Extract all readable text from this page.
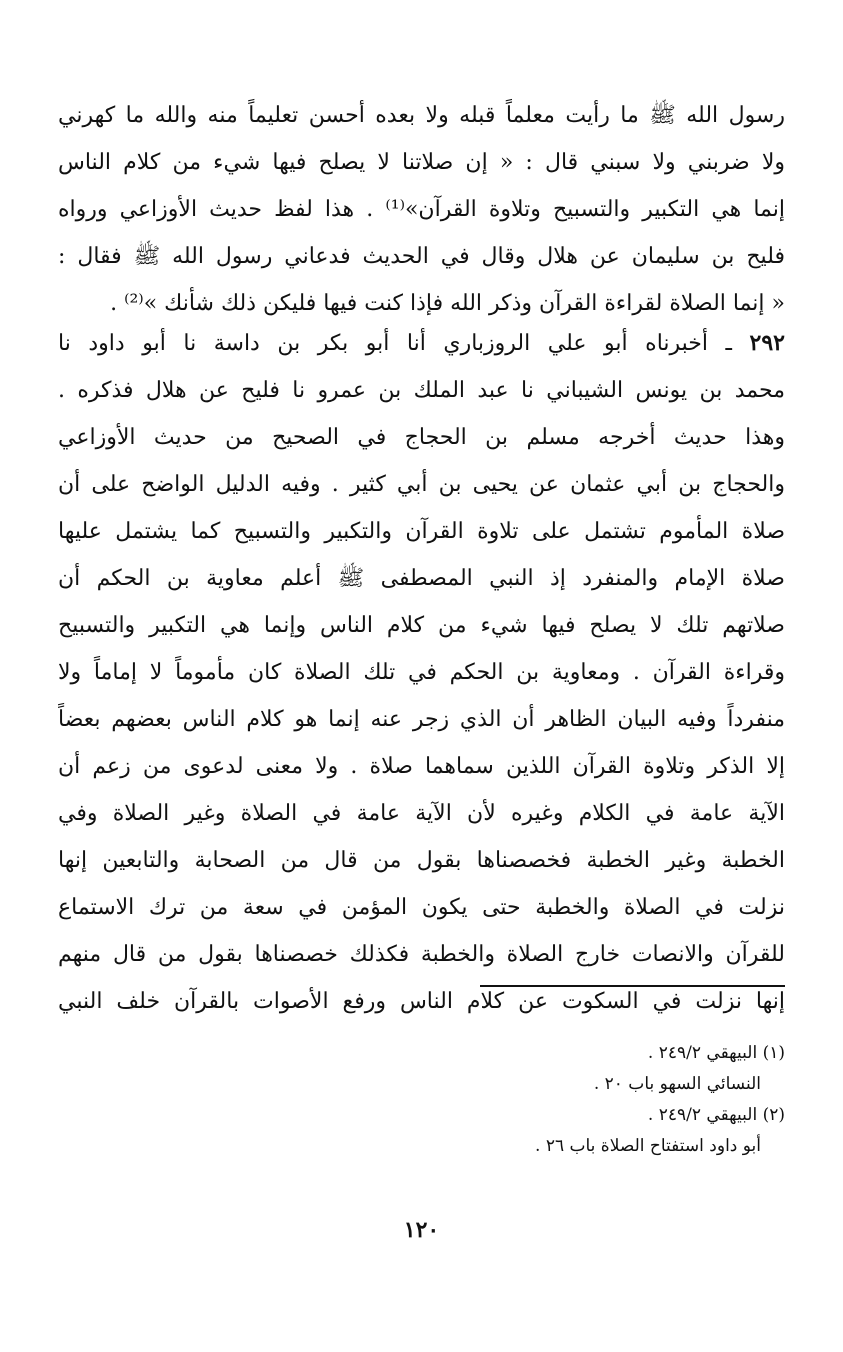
رسول الله ﷺ ما رأيت معلماً قبله ولا بعده أحسن تعليماً منه والله ما كهرني
ولا ضربني ولا سبني قال : « إن صلاتنا لا يصلح فيها شيء من كلام الناس
إنما هي التكبير والتسبيح وتلاوة القرآن»⁽¹⁾ . هذا لفظ حديث الأوزاعي ورواه
فليح بن سليمان عن هلال وقال في الحديث فدعاني رسول الله ﷺ فقال :
« إنما الصلاة لقراءة القرآن وذكر الله فإذا كنت فيها فليكن ذلك شأنك »⁽²⁾ .
٢٩٢ ـ أخبرناه أبو علي الروزباري أنا أبو بكر بن داسة نا أبو داود نا
محمد بن يونس الشيباني نا عبد الملك بن عمرو نا فليح عن هلال فذكره .
وهذا حديث أخرجه مسلم بن الحجاج في الصحيح من حديث الأوزاعي
والحجاج بن أبي عثمان عن يحيى بن أبي كثير . وفيه الدليل الواضح على أن
صلاة المأموم تشتمل على تلاوة القرآن والتكبير والتسبيح كما يشتمل عليها
صلاة الإمام والمنفرد إذ النبي المصطفى ﷺ أعلم معاوية بن الحكم أن
صلاتهم تلك لا يصلح فيها شيء من كلام الناس وإنما هي التكبير والتسبيح
وقراءة القرآن . ومعاوية بن الحكم في تلك الصلاة كان مأموماً لا إماماً ولا
منفرداً وفيه البيان الظاهر أن الذي زجر عنه إنما هو كلام الناس بعضهم بعضاً
إلا الذكر وتلاوة القرآن اللذين سماهما صلاة . ولا معنى لدعوى من زعم أن
الآية عامة في الكلام وغيره لأن الآية عامة في الصلاة وغير الصلاة وفي
الخطبة وغير الخطبة فخصصناها بقول من قال من الصحابة والتابعين إنها
نزلت في الصلاة والخطبة حتى يكون المؤمن في سعة من ترك الاستماع
للقرآن والانصات خارج الصلاة والخطبة فكذلك خصصناها بقول من قال منهم
إنها نزلت في السكوت عن كلام الناس ورفع الأصوات بالقرآن خلف النبي
(١) البيهقي ٢٤٩/٢ .
النسائي السهو باب ٢٠ .
(٢) البيهقي ٢٤٩/٢ .
أبو داود استفتاح الصلاة باب ٢٦ .
١٢٠
